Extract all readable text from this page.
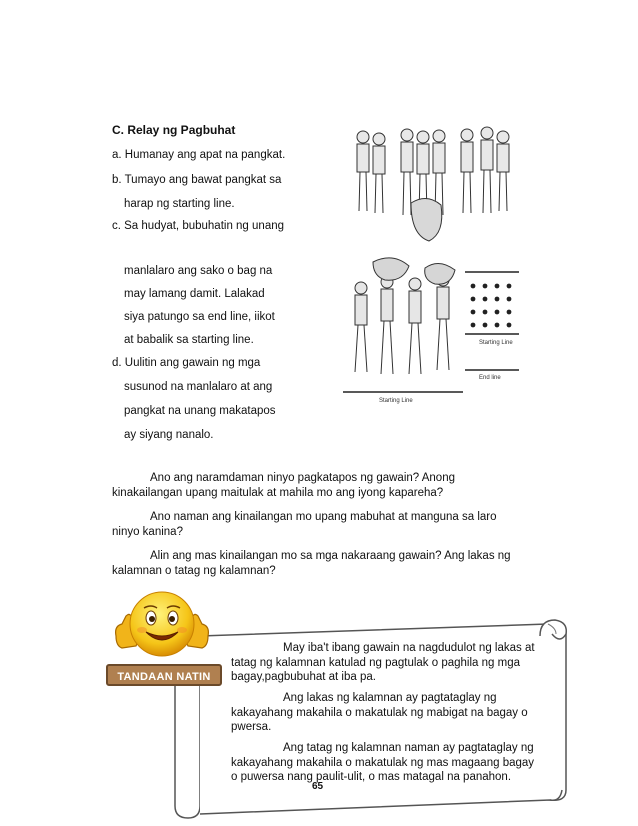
C. Relay ng Pagbuhat
a. Humanay ang apat na pangkat.
b. Tumayo ang bawat pangkat sa
harap ng starting line.
c. Sa hudyat, bubuhatin ng unang
manlalaro ang sako o bag na
may lamang damit. Lalakad
siya patungo sa end line, iikot
at babalik sa starting line.
d. Uulitin ang gawain ng mga
susunod na manlalaro at ang
pangkat na unang makatapos
ay siyang nanalo.
Starting Line
End line
Starting Line
Ano ang naramdaman ninyo pagkatapos ng gawain? Anong
kinakailangan upang maitulak at mahila mo ang iyong kapareha?
Ano naman ang kinailangan mo upang mabuhat at manguna sa laro
ninyo kanina?
Alin ang mas kinailangan mo sa mga nakaraang gawain? Ang lakas ng
kalamnan o tatag ng kalamnan?
TANDAAN NATIN
May iba't ibang gawain na nagdudulot ng lakas at
tatag ng kalamnan katulad ng pagtulak o paghila ng mga
bagay,pagbubuhat at iba pa.
Ang lakas ng kalamnan ay pagtataglay ng
kakayahang makahila o makatulak ng mabigat na bagay o
pwersa.
Ang tatag ng kalamnan naman ay pagtataglay ng
kakayahang makahila o makatulak ng mas magaang bagay
o puwersa nang paulit-ulit, o mas matagal na panahon.
65
